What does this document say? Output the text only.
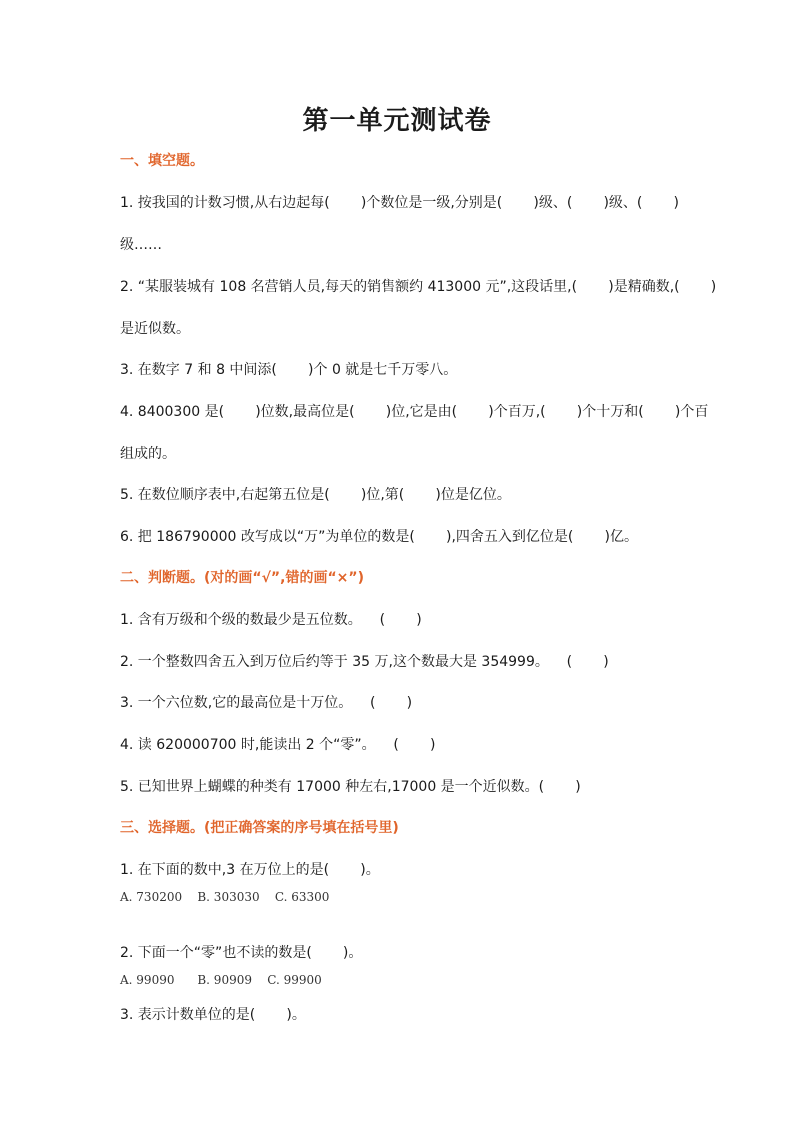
第一单元测试卷
一、填空题。
1. 按我国的计数习惯,从右边起每(       )个数位是一级,分别是(       )级、(       )级、(       )
级……
2. “某服装城有 108 名营销人员,每天的销售额约 413000 元”,这段话里,(       )是精确数,(       )
是近似数。
3. 在数字 7 和 8 中间添(       )个 0 就是七千万零八。
4. 8400300 是(       )位数,最高位是(       )位,它是由(       )个百万,(       )个十万和(       )个百
组成的。
5. 在数位顺序表中,右起第五位是(       )位,第(       )位是亿位。
6. 把 186790000 改写成以“万”为单位的数是(       ),四舍五入到亿位是(       )亿。
二、判断题。(对的画“√”,错的画“×”)
1. 含有万级和个级的数最少是五位数。    (       )
2. 一个整数四舍五入到万位后约等于 35 万,这个数最大是 354999。    (       )
3. 一个六位数,它的最高位是十万位。    (       )
4. 读 620000700 时,能读出 2 个“零”。    (       )
5. 已知世界上蝴蝶的种类有 17000 种左右,17000 是一个近似数。(       )
三、选择题。(把正确答案的序号填在括号里)
1. 在下面的数中,3 在万位上的是(       )。
A. 730200    B. 303030    C. 63300
2. 下面一个“零”也不读的数是(       )。
A. 99090      B. 90909    C. 99900
3. 表示计数单位的是(       )。
